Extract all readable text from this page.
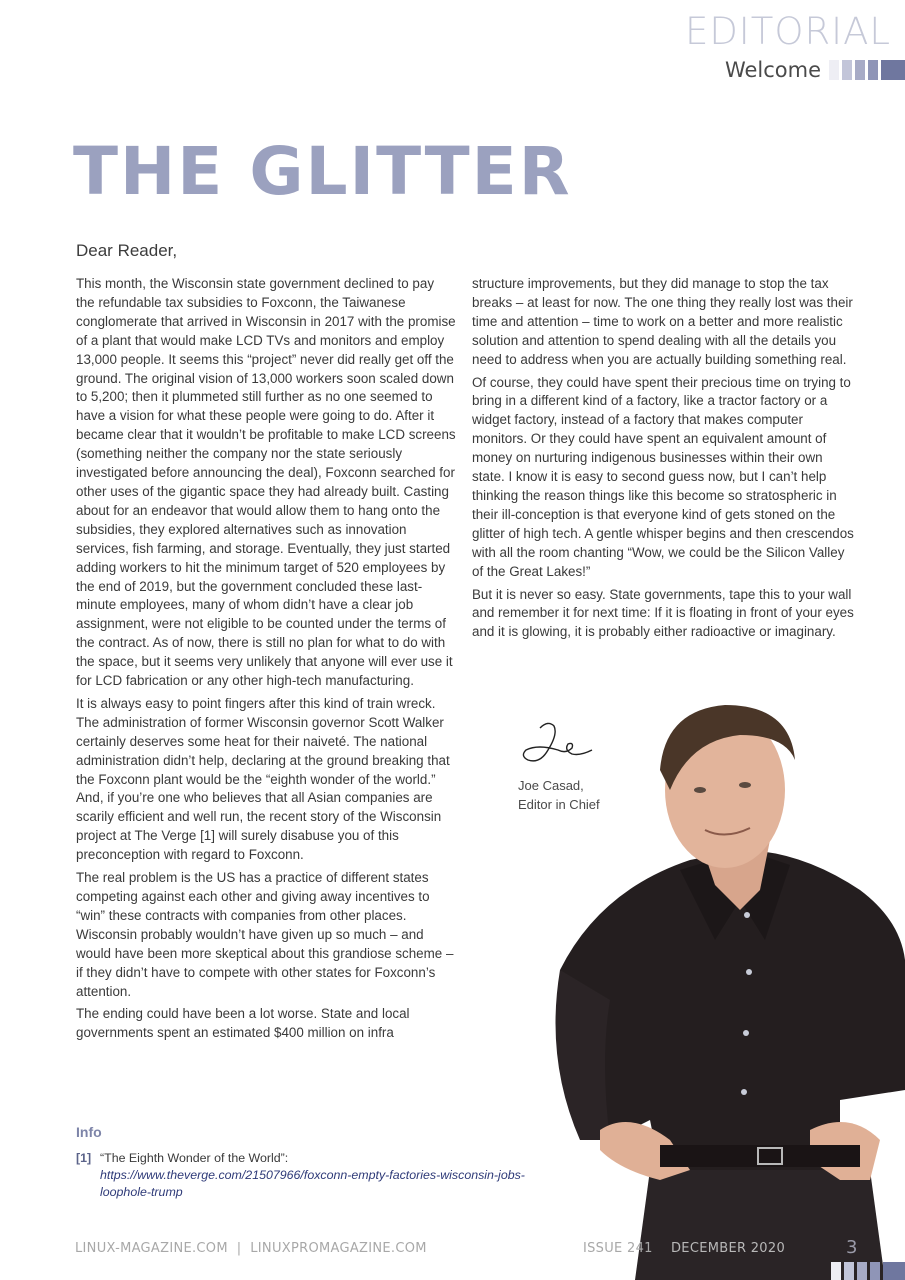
EDITORIAL
Welcome
THE GLITTER
Dear Reader,

This month, the Wisconsin state government declined to pay the refundable tax subsidies to Foxconn, the Taiwanese conglomerate that arrived in Wisconsin in 2017 with the promise of a plant that would make LCD TVs and monitors and employ 13,000 people. It seems this “project” never did really get off the ground. The original vision of 13,000 workers soon scaled down to 5,200; then it plummeted still further as no one seemed to have a vision for what these people were going to do. After it became clear that it wouldn’t be profitable to make LCD screens (something neither the company nor the state seriously investigated before announcing the deal), Foxconn searched for other uses of the gigantic space they had already built. Casting about for an endeavor that would allow them to hang onto the subsidies, they explored alternatives such as innovation services, fish farming, and storage. Eventually, they just started adding workers to hit the minimum target of 520 employees by the end of 2019, but the government concluded these last-minute employees, many of whom didn’t have a clear job assignment, were not eligible to be counted under the terms of the contract. As of now, there is still no plan for what to do with the space, but it seems very unlikely that anyone will ever use it for LCD fabrication or any other high-tech manufacturing.

It is always easy to point fingers after this kind of train wreck. The administration of former Wisconsin governor Scott Walker certainly deserves some heat for their naiveté. The national administration didn’t help, declaring at the ground breaking that the Foxconn plant would be the “eighth wonder of the world.” And, if you’re one who believes that all Asian companies are scarily efficient and well run, the recent story of the Wisconsin project at The Verge [1] will surely disabuse you of this preconception with regard to Foxconn.

The real problem is the US has a practice of different states competing against each other and giving away incentives to “win” these contracts with companies from other places. Wisconsin probably wouldn’t have given up so much – and would have been more skeptical about this grandiose scheme – if they didn’t have to compete with other states for Foxconn’s attention.

The ending could have been a lot worse. State and local governments spent an estimated $400 million on infra

structure improvements, but they did manage to stop the tax breaks – at least for now. The one thing they really lost was their time and attention – time to work on a better and more realistic solution and attention to spend dealing with all the details you need to address when you are actually building something real.

Of course, they could have spent their precious time on trying to bring in a different kind of a factory, like a tractor factory or a widget factory, instead of a factory that makes computer monitors. Or they could have spent an equivalent amount of money on nurturing indigenous businesses within their own state. I know it is easy to second guess now, but I can’t help thinking the reason things like this become so stratospheric in their ill-conception is that everyone kind of gets stoned on the glitter of high tech. A gentle whisper begins and then crescendos with all the room chanting “Wow, we could be the Silicon Valley of the Great Lakes!”

But it is never so easy. State governments, tape this to your wall and remember it for next time: If it is floating in front of your eyes and it is glowing, it is probably either radioactive or imaginary.

Joe Casad,
Editor in Chief
Info
[1] “The Eighth Wonder of the World”: https://www.theverge.com/21507966/foxconn-empty-factories-wisconsin-jobs-loophole-trump
LINUX-MAGAZINE.COM  |  LINUXPROMAGAZINE.COM	ISSUE 241 DECEMBER 2020	3
